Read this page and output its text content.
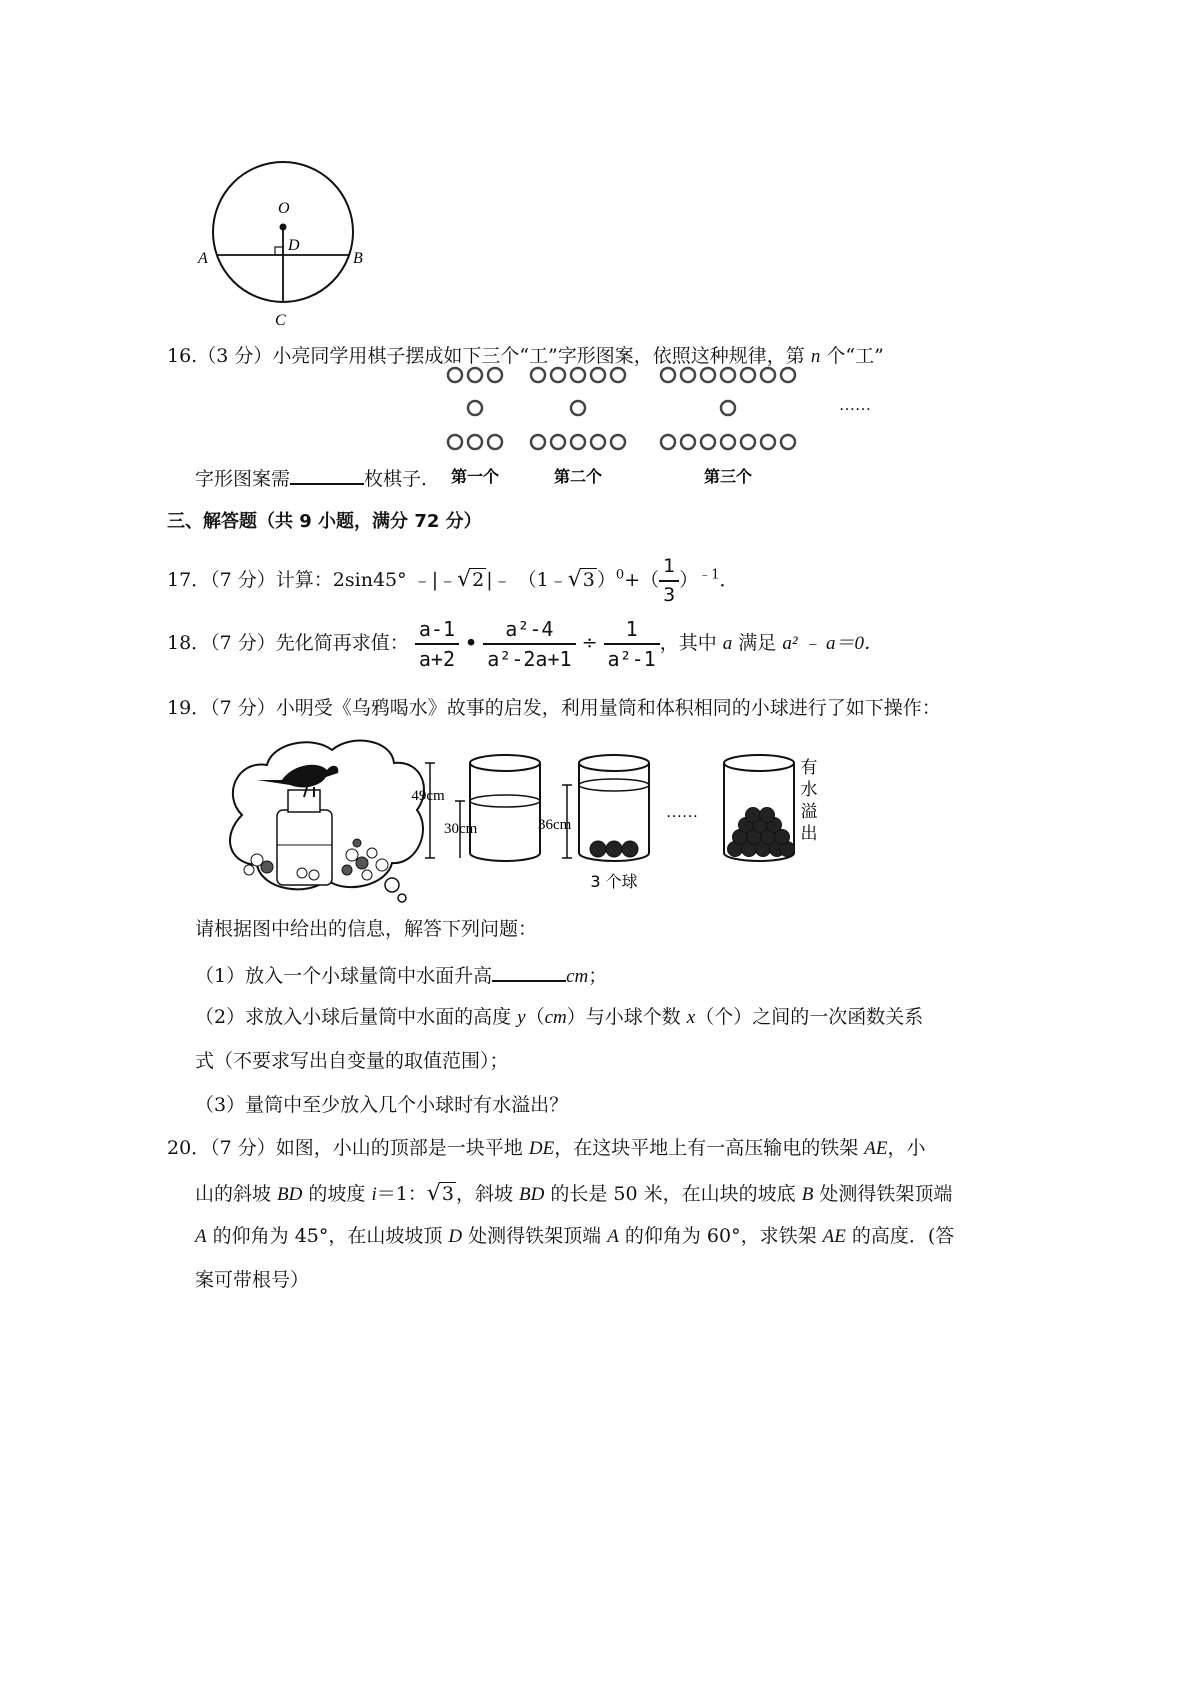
O
D
A	B
C
16.（3 分）小亮同学用棋子摆成如下三个“工”字形图案，依照这种规律，第 n 个“工”
第一个	第二个	第三个
……
字形图案需	枚棋子．
三、解答题（共 9 小题，满分 72 分）
17．（7 分）计算：2sin45° ﹣|﹣√2 |﹣ （1﹣√3 ）$^0+( \frac{1}{3} )^{﹣1}$．
18．（7 分）先化简再求值： $\frac{a-1}{a+2}$ • $\frac{\text{a²-4}}{\text{a²-2a+1}} \div \frac{1}{\text{a²-1}}$ ，其中 a 满足 a² ﹣ a＝0．
19．（7 分）小明受《乌鸦喝水》故事的启发，利用量筒和体积相同的小球进行了如下操作：
49cm
30cm	36cm
3 个球
……
有
水
溢
出
请根据图中给出的信息，解答下列问题：
（1）放入一个小球量筒中水面升高	cm；
（2）求放入小球后量筒中水面的高度 y（cm）与小球个数 x（个）之间的一次函数关系
式（不要求写出自变量的取值范围）；
（3）量筒中至少放入几个小球时有水溢出？
20．（7 分）如图，小山的顶部是一块平地 DE，在这块平地上有一高压输电的铁架 AE，小
山的斜坡 BD 的坡度 i＝1：√3 ，斜坡 BD 的长是 50 米，在山块的坡底 B 处测得铁架顶端
A 的仰角为 45°，在山坡坡顶 D 处测得铁架顶端 A 的仰角为 60°，求铁架 AE 的高度．(答
案可带根号）
